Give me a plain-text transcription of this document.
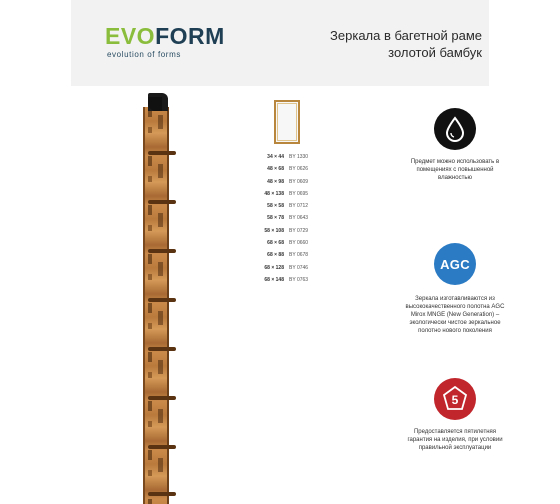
EVOFORM
evolution of forms
Зеркала в багетной раме золотой бамбук
34 × 44	BY 1330
48 × 68	BY 0626
48 × 98	BY 0609
48 × 138	BY 0695
58 × 58	BY 0712
58 × 78	BY 0643
58 × 108	BY 0729
68 × 68	BY 0660
68 × 88	BY 0678
68 × 128	BY 0746
68 × 148	BY 0763
Предмет можно использовать в помещениях с повышенной влажностью
AGC
Зеркала изготавливаются из высококачественного полотна AGC Mirox MNGE (New Generation) – экологически чистое зеркальное полотно нового поколения
5
Предоставляется пятилетняя гарантия на изделия, при условии правильной эксплуатации
